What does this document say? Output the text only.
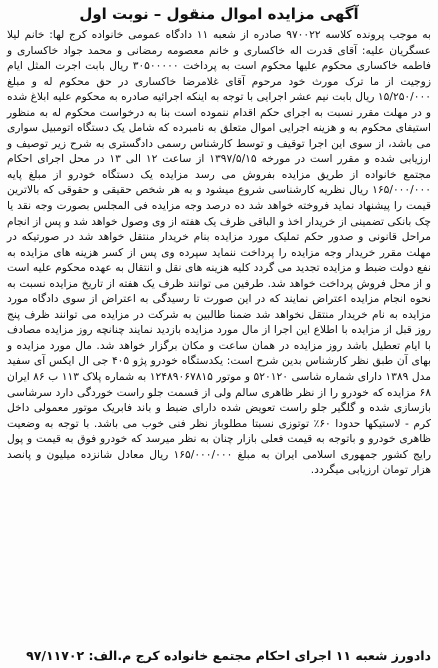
آگهی مزایده اموال منقول – نوبت اول

به موجب پرونده کلاسه ۹۷۰۰۲۲ صادره از شعبه ۱۱ دادگاه عمومی خانواده کرج لها: خانم لیلا عسگریان علیه: آقای قدرت اله خاکساری و خانم معصومه رمضانی و محمد جواد خاکساری و فاطمه خاکساری محکوم علیها محکوم است به پرداخت ۳۰۵۰۰۰۰۰ ریال بابت اجرت المثل ایام زوجیت از ما ترک مورث خود مرحوم آقای غلامرضا خاکساری در حق محکوم له و مبلغ ۱۵/۲۵۰/۰۰۰ ریال بابت نیم عشر اجرایی با توجه به اینکه اجرائیه صادره به محکوم علیه ابلاغ شده و در مهلت مقرر نسبت به اجرای حکم اقدام ننموده است بنا به درخواست محکوم له به منظور استیفای محکوم به و هزینه اجرایی اموال متعلق به نامبرده که شامل یک دستگاه اتومبیل سواری می باشد، از سوی این اجرا توقیف و توسط کارشناس رسمی دادگستری به شرح زیر توصیف و ارزیابی شده و مقرر است در مورخه ۱۳۹۷/۵/۱۵ از ساعت ۱۲ الی ۱۳ در محل اجرای احکام مجتمع خانواده از طریق مزایده بفروش می رسد مزایده یک دستگاه خودرو از مبلغ پایه ۱۶۵/۰۰۰/۰۰۰ ریال نظریه کارشناسی شروع میشود و به هر شخص حقیقی و حقوقی که بالاترین قیمت را پیشنهاد نماید فروخته خواهد شد ده درصد وجه مزایده فی المجلس بصورت وجه نقد یا چک بانکی تضمینی از خریدار اخذ و الباقی ظرف یک هفته از وی وصول خواهد شد و پس از انجام مراحل قانونی و صدور حکم تملیک مورد مزایده بنام خریدار منتقل خواهد شد در صورتیکه در مهلت مقرر خریدار وجه مزایده را پرداخت ننماید سپرده وی پس از کسر هزینه های مزایده به نفع دولت ضبط و مزایده تجدید می گردد کلیه هزینه های نقل و انتقال به عهده محکوم علیه است و از محل فروش پرداخت خواهد شد. طرفین می توانند ظرف یک هفته از تاریخ مزایده نسبت به نحوه انجام مزایده اعتراض نمایند که در این صورت تا رسیدگی به اعتراض از سوی دادگاه مورد مزایده به نام خریدار منتقل نخواهد شد ضمنا طالبین به شرکت در مزایده می توانند ظرف پنج روز قبل از مزایده با اطلاع این اجرا از مال مورد مزایده بازدید نمایند چنانچه روز مزایده مصادف با ایام تعطیل باشد روز مزایده در همان ساعت و مکان برگزار خواهد شد. مال مورد مزایده و بهای آن طبق نظر کارشناس بدین شرح است: یکدستگاه خودرو پژو ۴۰۵ جی ال ایکس آی سفید مدل ۱۳۸۹ دارای شماره شاسی ۵۲۰۱۲۰ و موتور ۱۲۴۸۹۰۶۷۸۱۵ به شماره پلاک ۱۱۳ ب ۸۶ ایران ۶۸ مزایده که خودرو را از نظر ظاهری سالم ولی از قسمت جلو راست خوردگی دارد سرشاسی بازسازی شده و گلگیر جلو راست تعویض شده دارای ضبط و باند فابریک موتور معمولی داخل کرم - لاستیکها حدودا ۶۰٪ توتوزی نسبتا مطلوباز نظر فنی خوب می باشد. با توجه به وضعیت ظاهری خودرو و باتوجه به قیمت فعلی بازار چنان به نظر میرسد که خودرو فوق به قیمت و پول رایج کشور جمهوری اسلامی ایران به مبلغ ۱۶۵/۰۰۰/۰۰۰ ریال معادل شانزده میلیون و پانصد هزار تومان ارزیابی میگردد.

دادورز شعبه ۱۱ اجرای احکام مجتمع خانواده کرج م.الف: ۹۷/۱۱۷۰۲
